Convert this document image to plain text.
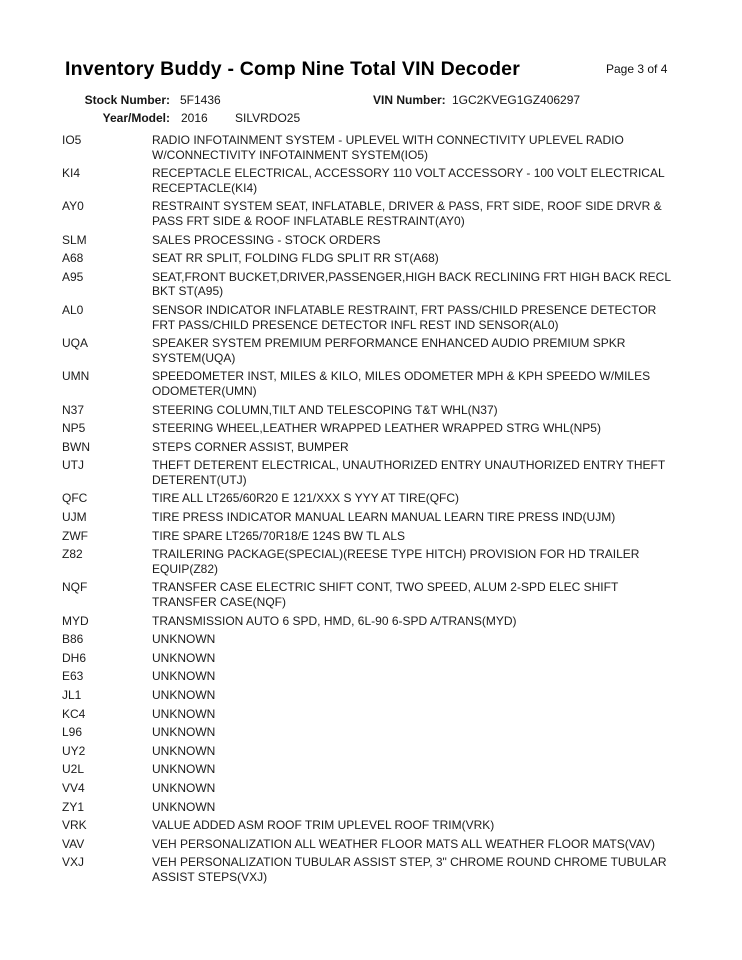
Inventory Buddy - Comp Nine Total VIN Decoder	Page 3 of 4
Stock Number: 5F1436	VIN Number: 1GC2KVEG1GZ406297
Year/Model: 2016 SILVRDO25
IO5	RADIO INFOTAINMENT SYSTEM - UPLEVEL WITH CONNECTIVITY UPLEVEL RADIO W/CONNECTIVITY INFOTAINMENT SYSTEM(IO5)
KI4	RECEPTACLE ELECTRICAL, ACCESSORY 110 VOLT ACCESSORY - 100 VOLT ELECTRICAL RECEPTACLE(KI4)
AY0	RESTRAINT SYSTEM SEAT, INFLATABLE, DRIVER & PASS, FRT SIDE, ROOF SIDE DRVR & PASS FRT SIDE & ROOF INFLATABLE RESTRAINT(AY0)
SLM	SALES PROCESSING - STOCK ORDERS
A68	SEAT RR SPLIT, FOLDING FLDG SPLIT RR ST(A68)
A95	SEAT,FRONT BUCKET,DRIVER,PASSENGER,HIGH BACK RECLINING FRT HIGH BACK RECL BKT ST(A95)
AL0	SENSOR INDICATOR INFLATABLE RESTRAINT, FRT PASS/CHILD PRESENCE DETECTOR FRT PASS/CHILD PRESENCE DETECTOR INFL REST IND SENSOR(AL0)
UQA	SPEAKER SYSTEM PREMIUM PERFORMANCE ENHANCED AUDIO PREMIUM SPKR SYSTEM(UQA)
UMN	SPEEDOMETER INST, MILES & KILO, MILES ODOMETER MPH & KPH SPEEDO W/MILES ODOMETER(UMN)
N37	STEERING COLUMN,TILT AND TELESCOPING T&T WHL(N37)
NP5	STEERING WHEEL,LEATHER WRAPPED LEATHER WRAPPED STRG WHL(NP5)
BWN	STEPS CORNER ASSIST, BUMPER
UTJ	THEFT DETERENT ELECTRICAL, UNAUTHORIZED ENTRY UNAUTHORIZED ENTRY THEFT DETERENT(UTJ)
QFC	TIRE ALL LT265/60R20 E 121/XXX S YYY AT TIRE(QFC)
UJM	TIRE PRESS INDICATOR MANUAL LEARN MANUAL LEARN TIRE PRESS IND(UJM)
ZWF	TIRE SPARE LT265/70R18/E 124S BW TL ALS
Z82	TRAILERING PACKAGE(SPECIAL)(REESE TYPE HITCH) PROVISION FOR HD TRAILER EQUIP(Z82)
NQF	TRANSFER CASE ELECTRIC SHIFT CONT, TWO SPEED, ALUM 2-SPD ELEC SHIFT TRANSFER CASE(NQF)
MYD	TRANSMISSION AUTO 6 SPD, HMD, 6L-90 6-SPD A/TRANS(MYD)
B86	UNKNOWN
DH6	UNKNOWN
E63	UNKNOWN
JL1	UNKNOWN
KC4	UNKNOWN
L96	UNKNOWN
UY2	UNKNOWN
U2L	UNKNOWN
VV4	UNKNOWN
ZY1	UNKNOWN
VRK	VALUE ADDED ASM ROOF TRIM UPLEVEL ROOF TRIM(VRK)
VAV	VEH PERSONALIZATION ALL WEATHER FLOOR MATS ALL WEATHER FLOOR MATS(VAV)
VXJ	VEH PERSONALIZATION TUBULAR ASSIST STEP, 3" CHROME ROUND CHROME TUBULAR ASSIST STEPS(VXJ)
